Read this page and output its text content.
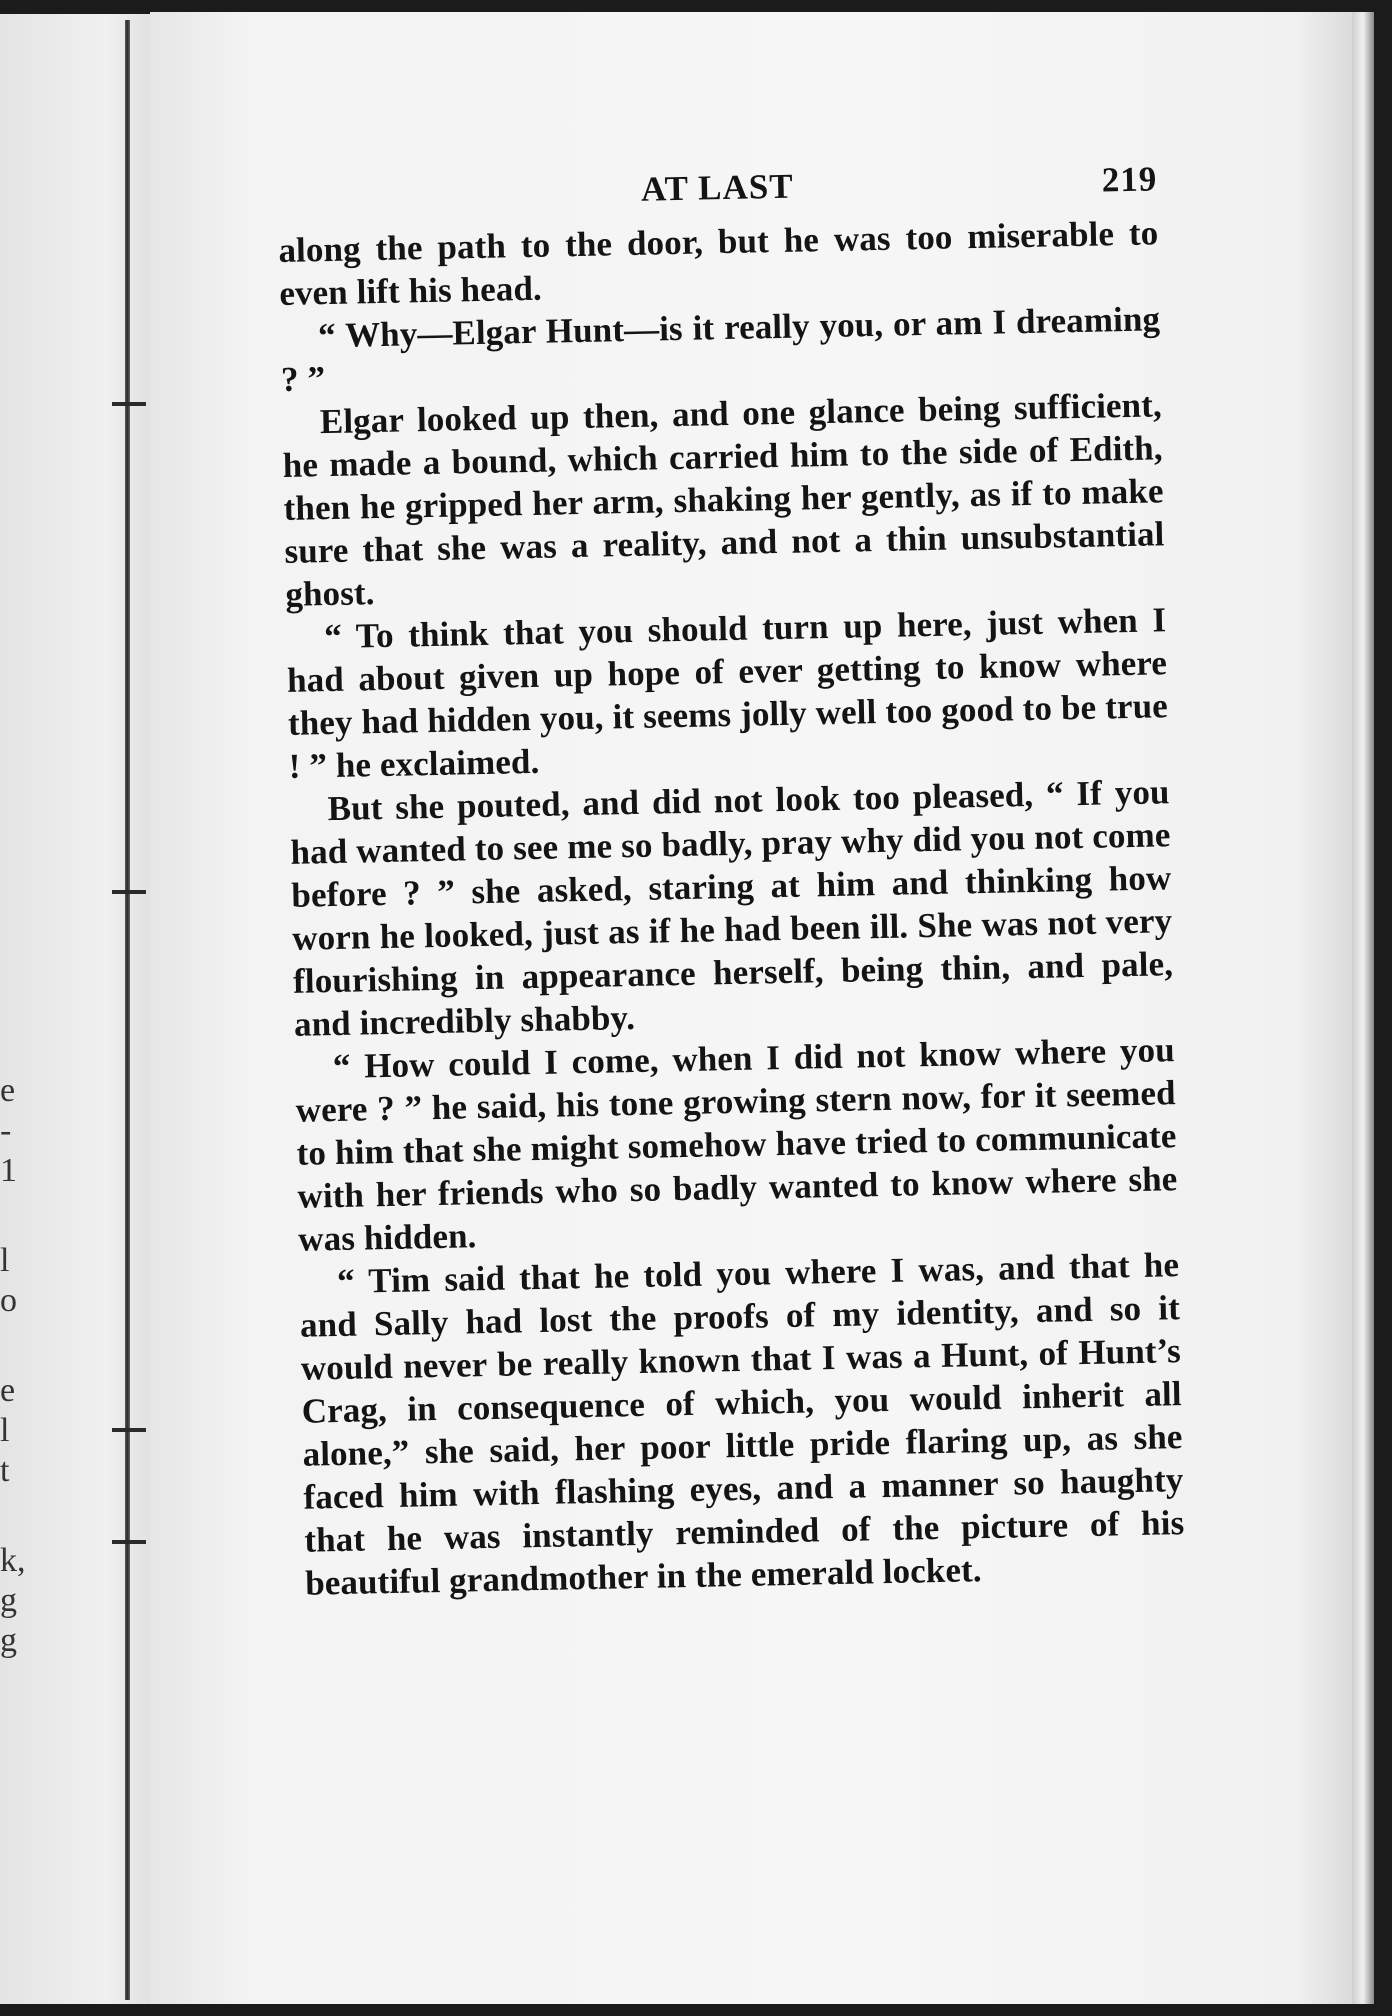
e
-
1
l
o
e
l
t
k,
g
g
AT LAST	219

along the path to the door, but he was too miserable to even lift his head.

“ Why—Elgar Hunt—is it really you, or am I dreaming ? ”

Elgar looked up then, and one glance being sufficient, he made a bound, which carried him to the side of Edith, then he gripped her arm, shaking her gently, as if to make sure that she was a reality, and not a thin unsubstantial ghost.

“ To think that you should turn up here, just when I had about given up hope of ever getting to know where they had hidden you, it seems jolly well too good to be true ! ” he exclaimed.

But she pouted, and did not look too pleased, “ If you had wanted to see me so badly, pray why did you not come before ? ” she asked, staring at him and thinking how worn he looked, just as if he had been ill. She was not very flourishing in appearance herself, being thin, and pale, and incredibly shabby.

“ How could I come, when I did not know where you were ? ” he said, his tone growing stern now, for it seemed to him that she might somehow have tried to communicate with her friends who so badly wanted to know where she was hidden.

“ Tim said that he told you where I was, and that he and Sally had lost the proofs of my identity, and so it would never be really known that I was a Hunt, of Hunt’s Crag, in consequence of which, you would inherit all alone,” she said, her poor little pride flaring up, as she faced him with flashing eyes, and a manner so haughty that he was instantly reminded of the picture of his beautiful grandmother in the emerald locket.
